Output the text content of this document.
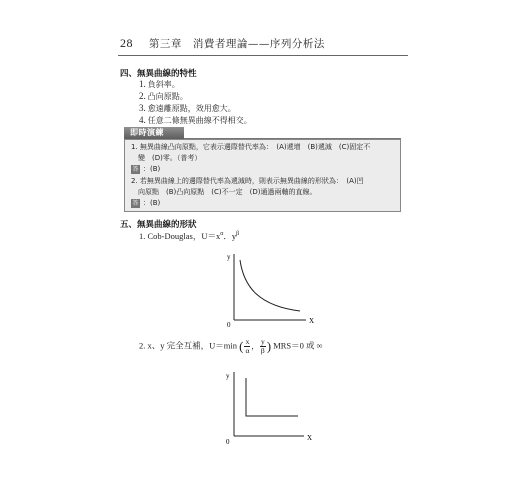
28 第三章　消費者理論——序列分析法
四、無異曲線的特性
1. 負斜率。
2. 凸向原點。
3. 愈遠離原點，效用愈大。
4. 任意二條無異曲線不得相交。
即時演練
1. 無異曲線凸向原點，它表示邊際替代率為：　(A)遞增　(B)遞減　(C)固定不
變　(D)零。（普考）
答 ：(B)
2. 若無異曲線上的邊際替代率為遞減時，則表示無異曲線的形狀為：　(A)凹
向原點　(B)凸向原點　(C)不一定　(D)通過兩軸的直線。
答 ：(B)
五、無異曲線的形狀
1. Cob-Douglas，$U=x^\alpha$．$y^\beta$
y
X
0
2. x、y 完全互補，U＝min ( $\frac{x}{\alpha}$ ， $\frac{y}{\beta}$ ) MRS＝0 或 ∞
y
X
0
